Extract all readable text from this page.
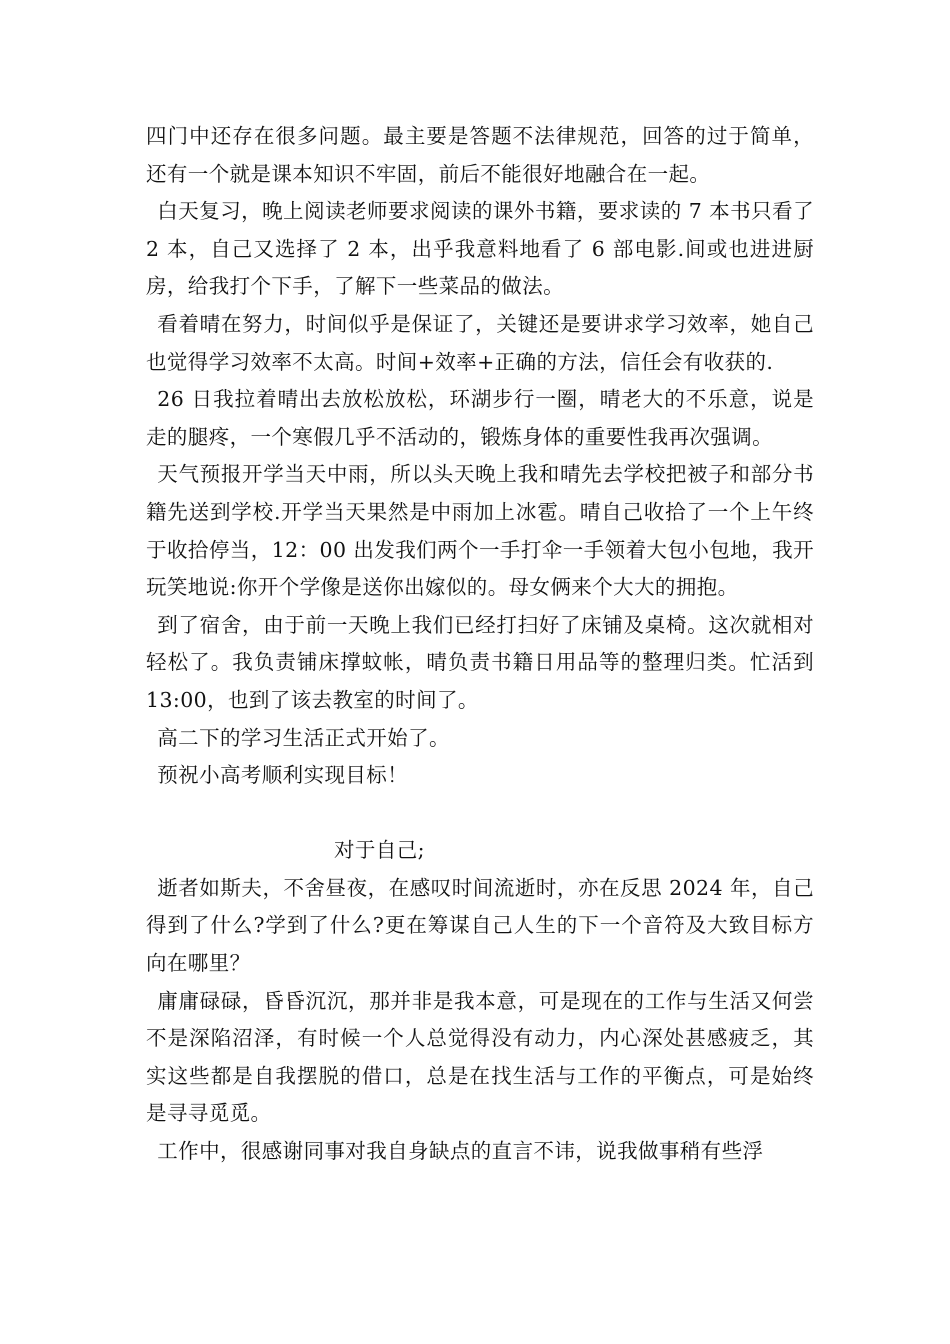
四门中还存在很多问题。最主要是答题不法律规范，回答的过于简单，还有一个就是课本知识不牢固，前后不能很好地融合在一起。

白天复习，晚上阅读老师要求阅读的课外书籍，要求读的 7 本书只看了 2 本，自己又选择了 2 本，出乎我意料地看了 6 部电影.间或也进进厨房，给我打个下手，了解下一些菜品的做法。

看着晴在努力，时间似乎是保证了，关键还是要讲求学习效率，她自己也觉得学习效率不太高。时间+效率+正确的方法，信任会有收获的.

26 日我拉着晴出去放松放松，环湖步行一圈，晴老大的不乐意，说是走的腿疼，一个寒假几乎不活动的，锻炼身体的重要性我再次强调。

天气预报开学当天中雨，所以头天晚上我和晴先去学校把被子和部分书籍先送到学校.开学当天果然是中雨加上冰雹。晴自己收拾了一个上午终于收拾停当，12：00 出发我们两个一手打伞一手领着大包小包地，我开玩笑地说:你开个学像是送你出嫁似的。母女俩来个大大的拥抱。

到了宿舍，由于前一天晚上我们已经打扫好了床铺及桌椅。这次就相对轻松了。我负责铺床撑蚊帐，晴负责书籍日用品等的整理归类。忙活到 13:00，也到了该去教室的时间了。

高二下的学习生活正式开始了。

预祝小高考顺利实现目标！

对于自己;

逝者如斯夫，不舍昼夜，在感叹时间流逝时，亦在反思 2024 年，自己得到了什么?学到了什么?更在筹谋自己人生的下一个音符及大致目标方向在哪里？

庸庸碌碌，昏昏沉沉，那并非是我本意，可是现在的工作与生活又何尝不是深陷沼泽，有时候一个人总觉得没有动力，内心深处甚感疲乏，其实这些都是自我摆脱的借口，总是在找生活与工作的平衡点，可是始终是寻寻觅觅。

工作中，很感谢同事对我自身缺点的直言不讳，说我做事稍有些浮
